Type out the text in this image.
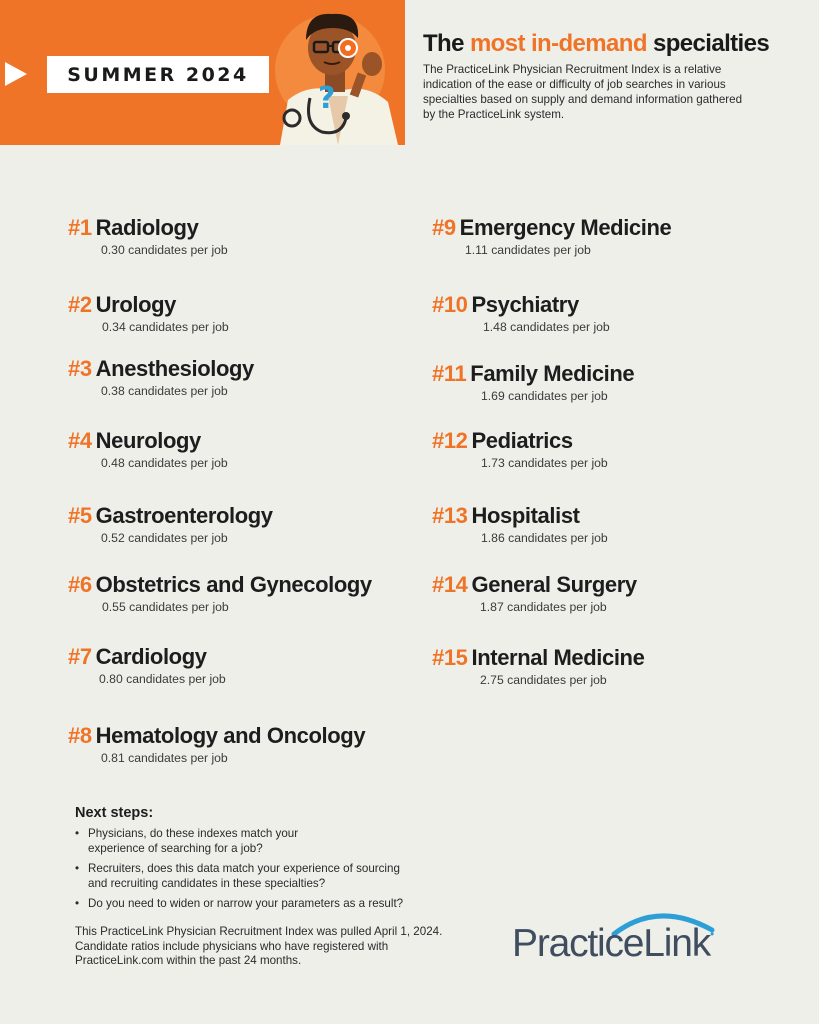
SUMMER 2024
?
The most in-demand specialties
The PracticeLink Physician Recruitment Index is a relative indication of the ease or difficulty of job searches in various specialties based on supply and demand information gathered by the PracticeLink system.
#1 Radiology
0.30 candidates per job
#2 Urology
0.34 candidates per job
#3 Anesthesiology
0.38 candidates per job
#4 Neurology
0.48 candidates per job
#5 Gastroenterology
0.52 candidates per job
#6 Obstetrics and Gynecology
0.55 candidates per job
#7 Cardiology
0.80 candidates per job
#8 Hematology and Oncology
0.81 candidates per job
#9 Emergency Medicine
1.11 candidates per job
#10 Psychiatry
1.48 candidates per job
#11 Family Medicine
1.69 candidates per job
#12 Pediatrics
1.73 candidates per job
#13 Hospitalist
1.86 candidates per job
#14 General Surgery
1.87 candidates per job
#15 Internal Medicine
2.75 candidates per job
Next steps:
• Physicians, do these indexes match your experience of searching for a job?
• Recruiters, does this data match your experience of sourcing and recruiting candidates in these specialties?
• Do you need to widen or narrow your parameters as a result?
This PracticeLink Physician Recruitment Index was pulled April 1, 2024. Candidate ratios include physicians who have registered with PracticeLink.com within the past 24 months.	PracticeLink•
